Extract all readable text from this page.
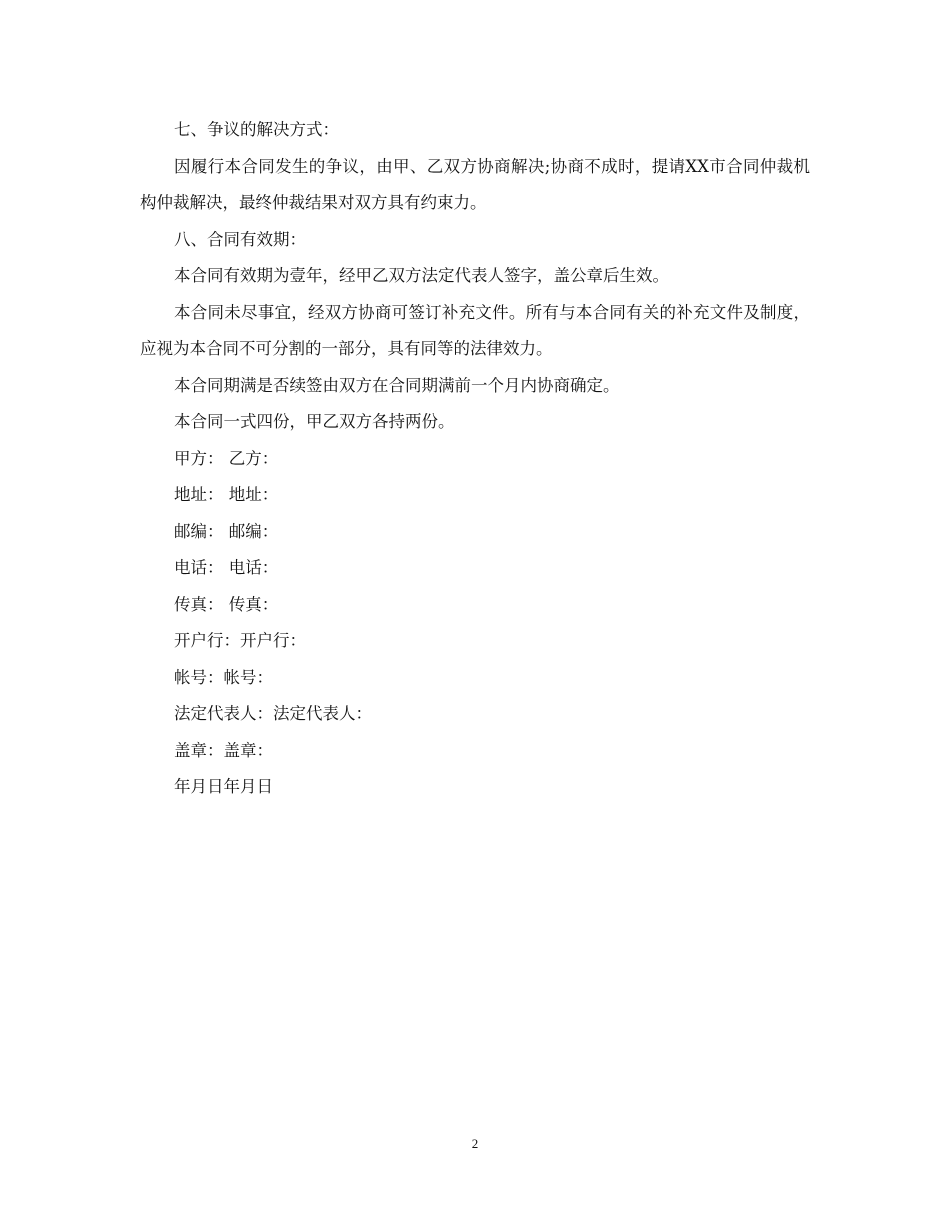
七、争议的解决方式：

因履行本合同发生的争议，由甲、乙双方协商解决;协商不成时，提请XX市合同仲裁机构仲裁解决，最终仲裁结果对双方具有约束力。

八、合同有效期：

本合同有效期为壹年，经甲乙双方法定代表人签字，盖公章后生效。

本合同未尽事宜，经双方协商可签订补充文件。所有与本合同有关的补充文件及制度，应视为本合同不可分割的一部分，具有同等的法律效力。

本合同期满是否续签由双方在合同期满前一个月内协商确定。

本合同一式四份，甲乙双方各持两份。

甲方： 乙方：

地址： 地址：

邮编： 邮编：

电话： 电话：

传真： 传真：

开户行：开户行：

帐号：帐号：

法定代表人：法定代表人：

盖章：盖章：

年月日年月日

2
